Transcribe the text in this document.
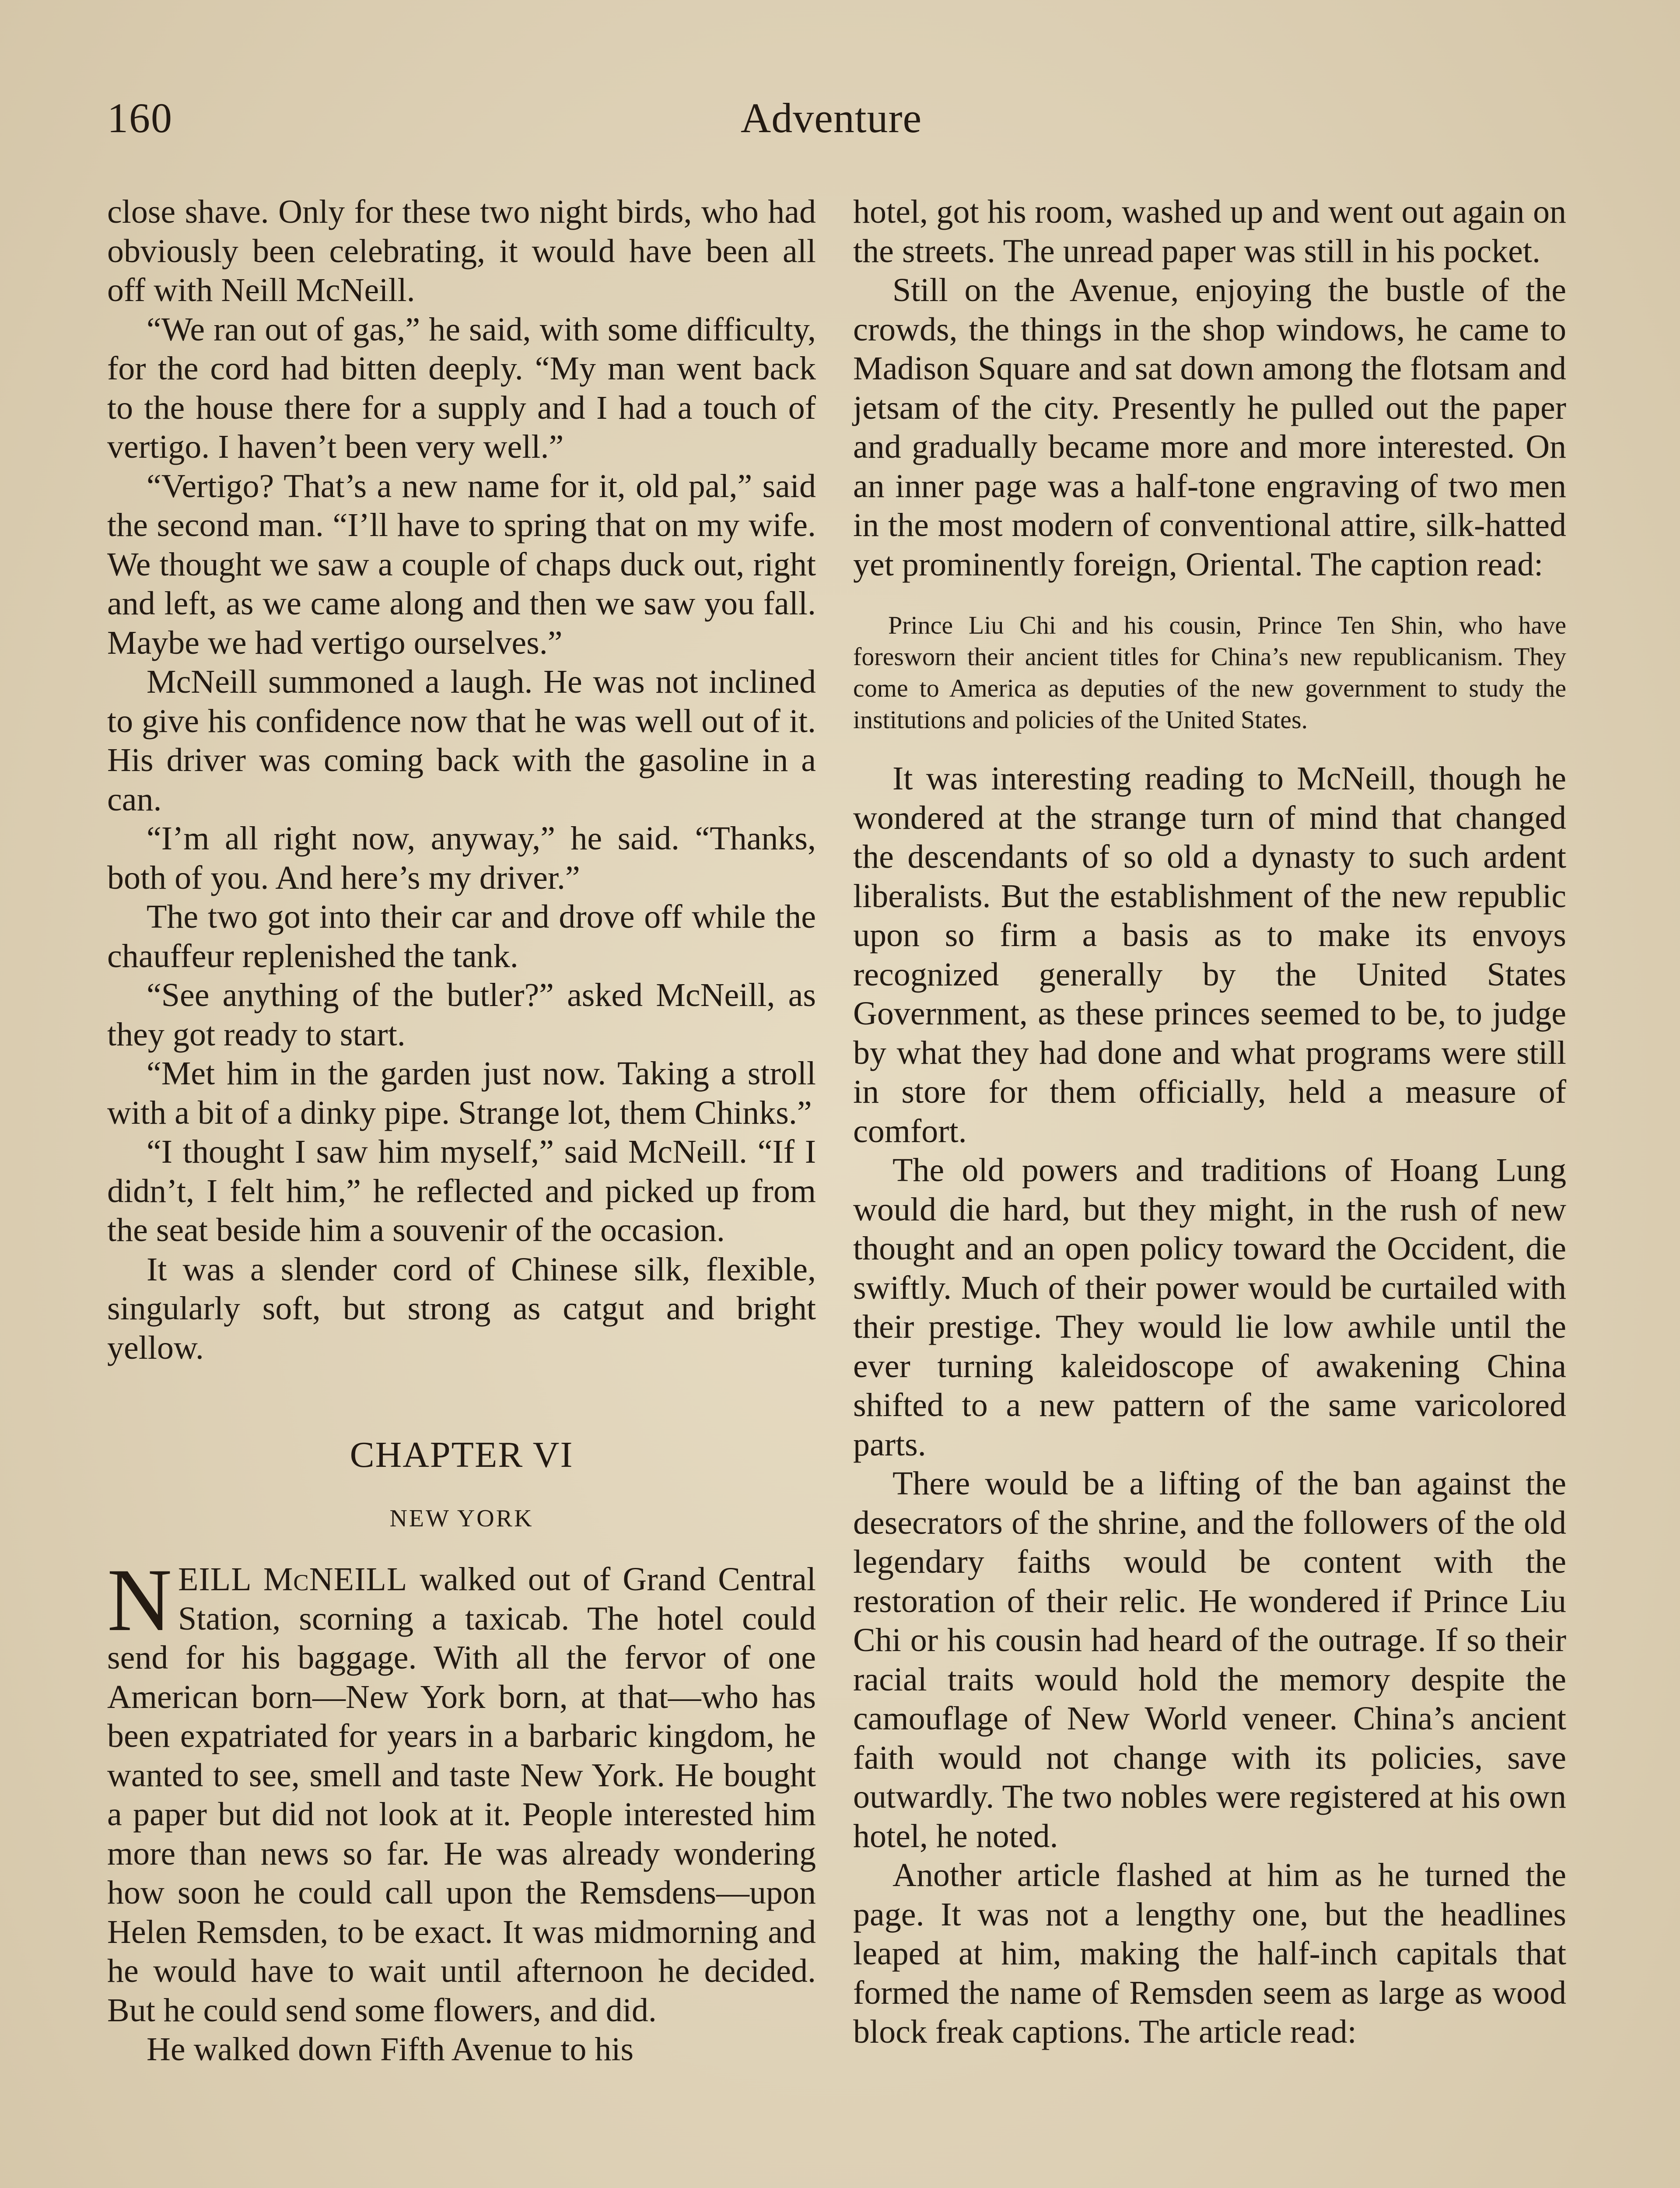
160	Adventure

close shave. Only for these two night birds, who had obviously been celebrating, it would have been all off with Neill McNeill.

“We ran out of gas,” he said, with some difficulty, for the cord had bitten deeply. “My man went back to the house there for a supply and I had a touch of vertigo. I haven’t been very well.”

“Vertigo? That’s a new name for it, old pal,” said the second man. “I’ll have to spring that on my wife. We thought we saw a couple of chaps duck out, right and left, as we came along and then we saw you fall. Maybe we had vertigo ourselves.”

McNeill summoned a laugh. He was not inclined to give his confidence now that he was well out of it. His driver was coming back with the gasoline in a can.

“I’m all right now, anyway,” he said. “Thanks, both of you. And here’s my driver.”

The two got into their car and drove off while the chauffeur replenished the tank.

“See anything of the butler?” asked McNeill, as they got ready to start.

“Met him in the garden just now. Taking a stroll with a bit of a dinky pipe. Strange lot, them Chinks.”

“I thought I saw him myself,” said McNeill. “If I didn’t, I felt him,” he reflected and picked up from the seat beside him a souvenir of the occasion.

It was a slender cord of Chinese silk, flexible, singularly soft, but strong as catgut and bright yellow.

CHAPTER VI
NEW YORK

NEILL McNEILL walked out of Grand Central Station, scorning a taxicab. The hotel could send for his baggage. With all the fervor of one American born—New York born, at that—who has been expatriated for years in a barbaric kingdom, he wanted to see, smell and taste New York. He bought a paper but did not look at it. People interested him more than news so far. He was already wondering how soon he could call upon the Remsdens—upon Helen Remsden, to be exact. It was midmorning and he would have to wait until afternoon he decided. But he could send some flowers, and did.

He walked down Fifth Avenue to his

hotel, got his room, washed up and went out again on the streets. The unread paper was still in his pocket.

Still on the Avenue, enjoying the bustle of the crowds, the things in the shop windows, he came to Madison Square and sat down among the flotsam and jetsam of the city. Presently he pulled out the paper and gradually became more and more interested. On an inner page was a half-tone engraving of two men in the most modern of conventional attire, silk-hatted yet prominently foreign, Oriental. The caption read:

Prince Liu Chi and his cousin, Prince Ten Shin, who have foresworn their ancient titles for China’s new republicanism. They come to America as deputies of the new government to study the institutions and policies of the United States.

It was interesting reading to McNeill, though he wondered at the strange turn of mind that changed the descendants of so old a dynasty to such ardent liberalists. But the establishment of the new republic upon so firm a basis as to make its envoys recognized generally by the United States Government, as these princes seemed to be, to judge by what they had done and what programs were still in store for them officially, held a measure of comfort.

The old powers and traditions of Hoang Lung would die hard, but they might, in the rush of new thought and an open policy toward the Occident, die swiftly. Much of their power would be curtailed with their prestige. They would lie low awhile until the ever turning kaleidoscope of awakening China shifted to a new pattern of the same varicolored parts.

There would be a lifting of the ban against the desecrators of the shrine, and the followers of the old legendary faiths would be content with the restoration of their relic. He wondered if Prince Liu Chi or his cousin had heard of the outrage. If so their racial traits would hold the memory despite the camouflage of New World veneer. China’s ancient faith would not change with its policies, save outwardly. The two nobles were registered at his own hotel, he noted.

Another article flashed at him as he turned the page. It was not a lengthy one, but the headlines leaped at him, making the half-inch capitals that formed the name of Remsden seem as large as wood block freak captions. The article read:
